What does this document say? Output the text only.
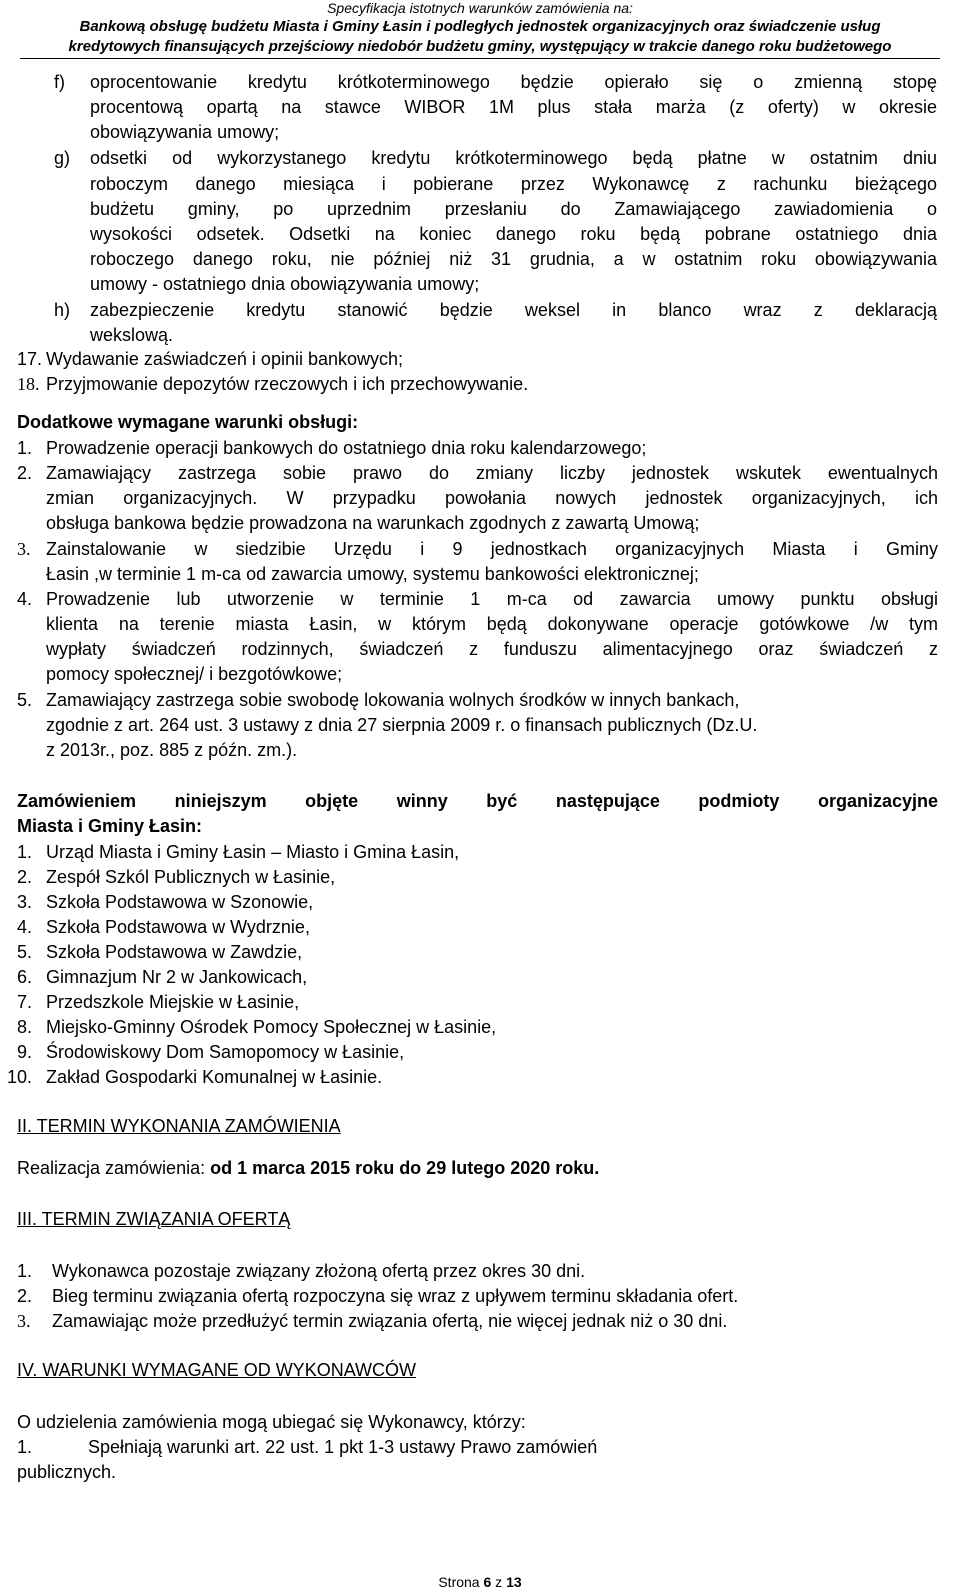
Specyfikacja istotnych warunków zamówienia na:
Bankową obsługę budżetu Miasta i Gminy Łasin i podległych jednostek organizacyjnych oraz świadczenie usług
kredytowych finansujących przejściowy niedobór budżetu gminy, występujący w trakcie danego roku budżetowego
f) oprocentowanie kredytu krótkoterminowego będzie opierało się o zmienną stopę
procentową opartą na stawce WIBOR 1M plus stała marża (z oferty) w okresie
obowiązywania umowy;
g) odsetki od wykorzystanego kredytu krótkoterminowego będą płatne w ostatnim dniu
roboczym danego miesiąca i pobierane przez Wykonawcę z rachunku bieżącego
budżetu gminy, po uprzednim przesłaniu do Zamawiającego zawiadomienia o
wysokości odsetek. Odsetki na koniec danego roku będą pobrane ostatniego dnia
roboczego danego roku, nie później niż 31 grudnia, a w ostatnim roku obowiązywania
umowy - ostatniego dnia obowiązywania umowy;
h) zabezpieczenie kredytu stanowić będzie weksel in blanco wraz z deklaracją
wekslową.
17. Wydawanie zaświadczeń i opinii bankowych;
18. Przyjmowanie depozytów rzeczowych i ich przechowywanie.
Dodatkowe wymagane warunki obsługi:
1. Prowadzenie operacji bankowych do ostatniego dnia roku kalendarzowego;
2. Zamawiający zastrzega sobie prawo do zmiany liczby jednostek wskutek ewentualnych
zmian organizacyjnych. W przypadku powołania nowych jednostek organizacyjnych, ich
obsługa bankowa będzie prowadzona na warunkach zgodnych z zawartą Umową;
3. Zainstalowanie w siedzibie Urzędu i 9 jednostkach organizacyjnych Miasta i Gminy
Łasin ,w terminie 1 m-ca od zawarcia umowy, systemu bankowości elektronicznej;
4. Prowadzenie lub utworzenie w terminie 1 m-ca od zawarcia umowy punktu obsługi
klienta na terenie miasta Łasin, w którym będą dokonywane operacje gotówkowe /w tym
wypłaty świadczeń rodzinnych, świadczeń z funduszu alimentacyjnego oraz świadczeń z
pomocy społecznej/ i bezgotówkowe;
5. Zamawiający zastrzega sobie swobodę lokowania wolnych środków w innych bankach,
zgodnie z art. 264 ust. 3 ustawy z dnia 27 sierpnia 2009 r. o finansach publicznych (Dz.U.
z 2013r., poz. 885 z późn. zm.).
Zamówieniem niniejszym objęte winny być następujące podmioty organizacyjne
Miasta i Gminy Łasin:
1. Urząd Miasta i Gminy Łasin – Miasto i Gmina Łasin,
2. Zespół Szkól Publicznych w Łasinie,
3. Szkoła Podstawowa w Szonowie,
4. Szkoła Podstawowa w Wydrznie,
5. Szkoła Podstawowa w Zawdzie,
6. Gimnazjum Nr 2 w Jankowicach,
7. Przedszkole Miejskie w Łasinie,
8. Miejsko-Gminny Ośrodek Pomocy Społecznej w Łasinie,
9. Środowiskowy Dom Samopomocy w Łasinie,
10. Zakład Gospodarki Komunalnej w Łasinie.
II. TERMIN WYKONANIA ZAMÓWIENIA
Realizacja zamówienia: od 1 marca 2015 roku do 29 lutego 2020 roku.
III. TERMIN ZWIĄZANIA OFERTĄ
1. Wykonawca pozostaje związany złożoną ofertą przez okres 30 dni.
2. Bieg terminu związania ofertą rozpoczyna się wraz z upływem terminu składania ofert.
3. Zamawiając może przedłużyć termin związania ofertą, nie więcej jednak niż o 30 dni.
IV. WARUNKI WYMAGANE OD WYKONAWCÓW
O udzielenia zamówienia mogą ubiegać się Wykonawcy, którzy:
1.	Spełniają warunki art. 22 ust. 1 pkt 1-3 ustawy Prawo zamówień
publicznych.
Strona 6 z 13
